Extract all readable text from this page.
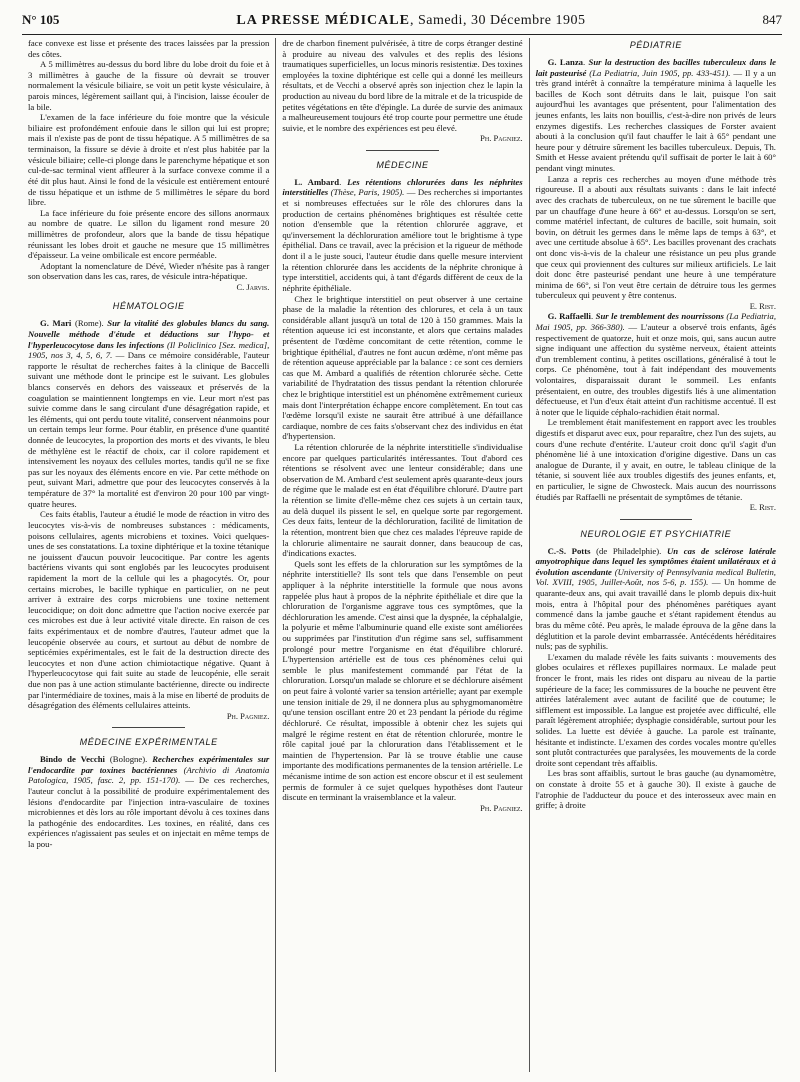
N° 105	LA PRESSE MÉDICALE, Samedi, 30 Décembre 1905	847

face convexe est lisse et présente des traces laissées par la pression des côtes.

A 5 millimètres au-dessus du bord libre du lobe droit du foie et à 3 millimètres à gauche de la fissure où devrait se trouver normalement la vésicule biliaire, se voit un petit kyste vésiculaire, à parois minces, légèrement saillant qui, à l'incision, laisse écouler de la bile.

L'examen de la face inférieure du foie montre que la vésicule biliaire est profondément enfouie dans le sillon qui lui est propre; mais il n'existe pas de pont de tissu hépatique. A 5 millimètres de sa terminaison, la fissure se dévie à droite et n'est plus habitée par la vésicule biliaire; celle-ci plonge dans le parenchyme hépatique et son cul-de-sac terminal vient affleurer à la surface convexe comme il a été dit plus haut. Ainsi le fond de la vésicule est entièrement entouré de tissu hépatique et un isthme de 5 millimètres le sépare du bord libre.

La face inférieure du foie présente encore des sillons anormaux au nombre de quatre. Le sillon du ligament rond mesure 20 millimètres de profondeur, alors que la bande de tissu hépatique réunissant les lobes droit et gauche ne mesure que 15 millimètres d'épaisseur. La veine ombilicale est encore perméable.

Adoptant la nomenclature de Dévé, Wieder n'hésite pas à ranger son observation dans les cas, rares, de vésicule intra-hépatique.

C. Jarvis.

HÉMATOLOGIE

G. Mari (Rome). Sur la vitalité des globules blancs du sang. Nouvelle méthode d'étude et déductions sur l'hypo- et l'hyperleucocytose dans les infections (Il Policlinico [Sez. medica], 1905, nos 3, 4, 5, 6, 7. — Dans ce mémoire considérable, l'auteur rapporte le résultat de recherches faites à la clinique de Baccelli suivant une méthode dont le principe est le suivant. Les globules blancs conservés en dehors des vaisseaux et préservés de la coagulation se maintiennent longtemps en vie. Leur mort n'est pas suivie comme dans le sang circulant d'une désagrégation rapide, et les éléments, qui ont perdu toute vitalité, conservent néanmoins pour un certain temps leur forme. Pour établir, en présence d'une quantité donnée de leucocytes, la proportion des morts et des vivants, le bleu de méthylène est le réactif de choix, car il colore rapidement et intensivement les noyaux des cellules mortes, tandis qu'il ne se fixe pas sur les noyaux des éléments encore en vie. Par cette méthode on peut, suivant Mari, admettre que pour des leucocytes conservés à la température de 37° la mortalité est d'environ 20 pour 100 par vingt-quatre heures.

Ces faits établis, l'auteur a étudié le mode de réaction in vitro des leucocytes vis-à-vis de nombreuses substances : médicaments, poisons cellulaires, agents microbiens et toxines. Voici quelques-unes de ses constatations. La toxine diphtérique et la toxine tétanique ne jouissent d'aucun pouvoir leucocitique. Par contre les agents bactériens vivants qui sont englobés par les leucocytes produisent rapidement la mort de la cellule qui les a phagocytés. Or, pour certains microbes, le bacille typhique en particulier, on ne peut arriver à extraire des corps microbiens une toxine nettement leucocidique; on doit donc admettre que l'action nocive exercée par ces microbes est due à leur activité vitale directe. En raison de ces faits expérimentaux et de nombre d'autres, l'auteur admet que la leucopénie observée au cours, et surtout au début de nombre de septicémies expérimentales, est le fait de la destruction directe des leucocytes et non d'une action chimiotactique négative. Quant à l'hyperleucocytose qui fait suite au stade de leucopénie, elle serait due non pas à une action stimulante bactérienne, directe ou indirecte par l'intermédiaire de toxines, mais à la mise en liberté de produits de désagrégation des éléments cellulaires atteints.

Ph. Pagniez.

MÉDECINE EXPÉRIMENTALE

Bindo de Vecchi (Bologne). Recherches expérimentales sur l'endocardite par toxines bactériennes (Archivio di Anatomia Patologica, 1905, fasc. 2, pp. 151-170). — De ces recherches, l'auteur conclut à la possibilité de produire expérimentalement des lésions d'endocardite par l'injection intra-vasculaire de toxines microbiennes et dès lors au rôle important dévolu à ces toxines dans la pathogénie des endocardites. Les toxines, en réalité, dans ces expériences n'agissaient pas seules et on injectait en même temps de la pou-

dre de charbon finement pulvérisée, à titre de corps étranger destiné à produire au niveau des valvules et des replis des lésions traumatiques superficielles, un locus minoris resistentiæ. Des toxines employées la toxine diphtérique est celle qui a donné les meilleurs résultats, et de Vecchi a observé après son injection chez le lapin la production au niveau du bord libre de la mitrale et de la tricuspide de petites végétations en tête d'épingle. La durée de survie des animaux a malheureusement toujours été trop courte pour permettre une étude suivie, et le nombre des expériences est peu élevé.

Ph. Pagniez.

MÉDECINE

L. Ambard. Les rétentions chlorurées dans les néphrites interstitielles (Thèse, Paris, 1905). — Des recherches si importantes et si nombreuses effectuées sur le rôle des chlorures dans la production de certains phénomènes brightiques est résultée cette notion d'ensemble que la rétention chlorurée aggrave, et qu'inversement la déchloruration améliore tout le brightisme à type épithélial. Dans ce travail, avec la précision et la rigueur de méthode dont il a le juste souci, l'auteur étudie dans quelle mesure intervient la rétention chlorurée dans les accidents de la néphrite chronique à type interstitiel, accidents qui, à tant d'égards diffèrent de ceux de la néphrite épithéliale.

Chez le brightique interstitiel on peut observer à une certaine phase de la maladie la rétention des chlorures, et cela à un taux considérable allant jusqu'à un total de 120 à 150 grammes. Mais la rétention aqueuse ici est inconstante, et alors que certains malades présentent de l'œdème concomitant de cette rétention, comme le brightique épithélial, d'autres ne font aucun œdème, n'ont même pas de rétention aqueuse appréciable par la balance : ce sont ces derniers cas que M. Ambard a qualifiés de rétention chlorurée sèche. Cette variabilité de l'hydratation des tissus pendant la rétention chlorurée chez le brightique interstitiel est un phénomène extrêmement curieux mais dont l'interprétation échappe encore complètement. En tout cas l'œdème lorsqu'il existe ne saurait être attribué à une défaillance cardiaque, nombre de ces faits s'observant chez des individus en état d'hypertension.

La rétention chlorurée de la néphrite interstitielle s'individualise encore par quelques particularités intéressantes. Tout d'abord ces rétentions se résolvent avec une lenteur considérable; dans une observation de M. Ambard c'est seulement après quarante-deux jours de régime que le malade est en état d'équilibre chloruré. D'autre part la rétention se limite d'elle-même chez ces sujets à un certain taux, au delà duquel ils pissent le sel, en quelque sorte par regorgement. Ces deux faits, lenteur de la déchloruration, facilité de limitation de la rétention, montrent bien que chez ces malades l'épreuve rapide de la chlorurie alimentaire ne saurait donner, dans beaucoup de cas, d'indications exactes.

Quels sont les effets de la chloruration sur les symptômes de la néphrite interstitielle? Ils sont tels que dans l'ensemble on peut appliquer à la néphrite interstitielle la formule que nous avons rappelée plus haut à propos de la néphrite épithéliale et dire que la chloruration de l'organisme aggrave tous ces symptômes, que la déchloruration les amende. C'est ainsi que la dyspnée, la céphalalgie, la polyurie et même l'albuminurie quand elle existe sont améliorées ou supprimées par l'institution d'un régime sans sel, suffisamment prolongé pour mettre l'organisme en état d'équilibre chloruré. L'hypertension artérielle est de tous ces phénomènes celui qui semble le plus manifestement commandé par l'état de la chloruration. Lorsqu'un malade se chlorure et se déchlorure aisément on peut faire à volonté varier sa tension artérielle; ayant par exemple une tension initiale de 29, il ne donnera plus au sphygmomanomètre qu'une tension oscillant entre 20 et 23 pendant la période du régime déchloruré. Ce résultat, impossible à obtenir chez les sujets qui malgré le régime restent en état de rétention chlorurée, montre le rôle capital joué par la chloruration dans l'établissement et le maintien de l'hypertension. Par là se trouve établie une cause importante des modifications permanentes de la tension artérielle. Le mécanisme intime de son action est encore obscur et il est seulement permis de formuler à ce sujet quelques hypothèses dont l'auteur discute en terminant la vraisemblance et la valeur.

Ph. Pagniez.

PÉDIATRIE

G. Lanza. Sur la destruction des bacilles tuberculeux dans le lait pasteurisé (La Pediatria, Juin 1905, pp. 433-451). — Il y a un très grand intérêt à connaître la température minima à laquelle les bacilles de Koch sont détruits dans le lait, puisque l'on sait aujourd'hui les avantages que présentent, pour l'alimentation des jeunes enfants, les laits non bouillis, c'est-à-dire non privés de leurs enzymes digestifs. Les recherches classiques de Forster avaient abouti à la conclusion qu'il faut chauffer le lait à 65° pendant une heure pour y détruire sûrement les bacilles tuberculeux. Depuis, Th. Smith et Hesse avaient prétendu qu'il suffisait de porter le lait à 60° pendant vingt minutes.

Lanza a repris ces recherches au moyen d'une méthode très rigoureuse. Il a abouti aux résultats suivants : dans le lait infecté avec des crachats de tuberculeux, on ne tue sûrement le bacille que par un chauffage d'une heure à 66° et au-dessus. Lorsqu'on se sert, comme matériel infectant, de cultures de bacille, soit humain, soit bovin, on détruit les germes dans le même laps de temps à 63°, et avec une certitude absolue à 65°. Les bacilles provenant des crachats ont donc vis-à-vis de la chaleur une résistance un peu plus grande que ceux qui proviennent des cultures sur milieux artificiels. Le lait doit donc être pasteurisé pendant une heure à une température minima de 66°, si l'on veut être certain de détruire tous les germes tuberculeux qui peuvent y être contenus.

E. Rist.

G. Raffaelli. Sur le tremblement des nourrissons (La Pediatria, Mai 1905, pp. 366-380). — L'auteur a observé trois enfants, âgés respectivement de quatorze, huit et onze mois, qui, sans aucun autre signe indiquant une affection du système nerveux, étaient atteints d'un tremblement continu, à petites oscillations, généralisé à tout le corps. Ce phénomène, tout à fait indépendant des mouvements volontaires, disparaissait durant le sommeil. Les enfants présentaient, en outre, des troubles digestifs liés à une alimentation défectueuse, et l'un d'eux était atteint d'un rachitisme accentué. Il est à noter que le liquide céphalo-rachidien était normal.

Le tremblement était manifestement en rapport avec les troubles digestifs et disparut avec eux, pour reparaître, chez l'un des sujets, au cours d'une rechute d'entérite. L'auteur croit donc qu'il s'agit d'un phénomène lié à une intoxication d'origine digestive. Dans un cas analogue de Durante, il y avait, en outre, le tableau clinique de la tétanie, si souvent liée aux troubles digestifs des jeunes enfants, et, en particulier, le signe de Chwosteck. Mais aucun des nourrissons étudiés par Raffaelli ne présentait de symptômes de tétanie.

E. Rist.

NEUROLOGIE ET PSYCHIATRIE

C.-S. Potts (de Philadelphie). Un cas de sclérose latérale amyotrophique dans lequel les symptômes étaient unilatéraux et à évolution ascendante (University of Pennsylvania medical Bulletin, Vol. XVIII, 1905, Juillet-Août, nos 5-6, p. 155). — Un homme de quarante-deux ans, qui avait travaillé dans le plomb depuis dix-huit mois, entra à l'hôpital pour des phénomènes parétiques ayant commencé dans la jambe gauche et s'étant rapidement étendus au bras du même côté. Peu après, le malade éprouva de la gêne dans la déglutition et la parole devint embarrassée. Antécédents héréditaires nuls; pas de syphilis.

L'examen du malade révèle les faits suivants : mouvements des globes oculaires et réflexes pupillaires normaux. Le malade peut froncer le front, mais les rides ont disparu au niveau de la partie supérieure de la face; les commissures de la bouche ne peuvent être attirées latéralement avec autant de facilité que de coutume; le sifflement est impossible. La langue est projetée avec difficulté, elle paraît légèrement atrophiée; dysphagie considérable, surtout pour les solides. La luette est déviée à gauche. La parole est traînante, hésitante et indistincte. L'examen des cordes vocales montre qu'elles sont plutôt contracturées que paralysées, les mouvements de la corde droite sont cependant très affaiblis.

Les bras sont affaiblis, surtout le bras gauche (au dynamomètre, on constate à droite 55 et à gauche 30). Il existe à gauche de l'atrophie de l'adducteur du pouce et des interosseux avec main en griffe; à droite
